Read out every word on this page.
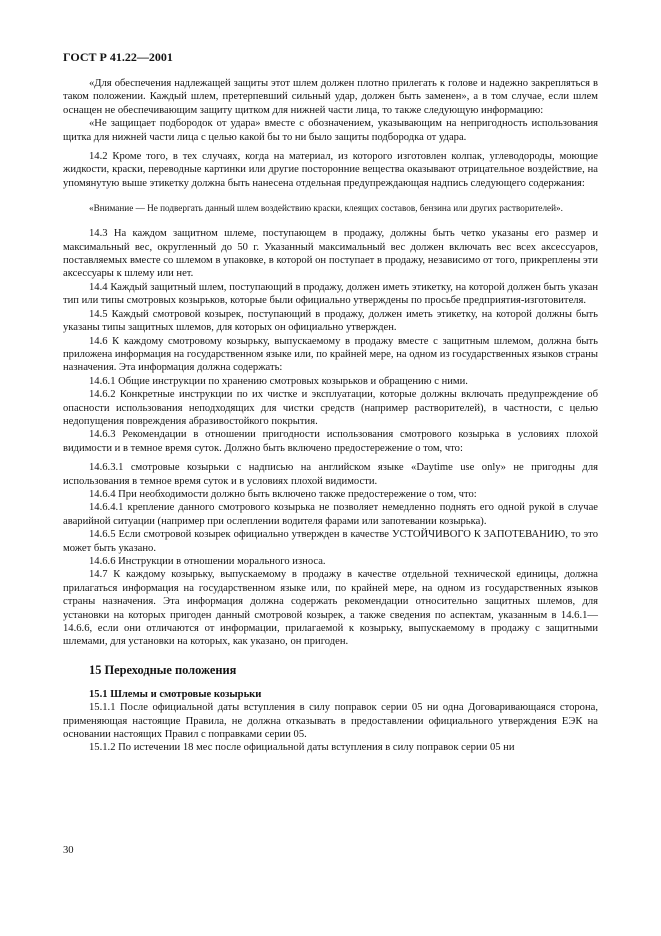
ГОСТ Р 41.22—2001

«Для обеспечения надлежащей защиты этот шлем должен плотно прилегать к голове и надежно закрепляться в таком положении. Каждый шлем, претерпевший сильный удар, должен быть заменен», а в том случае, если шлем оснащен не обеспечивающим защиту щитком для нижней части лица, то также следующую информацию:

«Не защищает подбородок от удара» вместе с обозначением, указывающим на непригодность использования щитка для нижней части лица с целью какой бы то ни было защиты подбородка от удара.

14.2 Кроме того, в тех случаях, когда на материал, из которого изготовлен колпак, углеводороды, моющие жидкости, краски, переводные картинки или другие посторонние вещества оказывают отрицательное воздействие, на упомянутую выше этикетку должна быть нанесена отдельная предупреждающая надпись следующего содержания:

«Внимание — Не подвергать данный шлем воздействию краски, клеящих составов, бензина или других растворителей».

14.3 На каждом защитном шлеме, поступающем в продажу, должны быть четко указаны его размер и максимальный вес, округленный до 50 г. Указанный максимальный вес должен включать вес всех аксессуаров, поставляемых вместе со шлемом в упаковке, в которой он поступает в продажу, независимо от того, прикреплены эти аксессуары к шлему или нет.

14.4 Каждый защитный шлем, поступающий в продажу, должен иметь этикетку, на которой должен быть указан тип или типы смотровых козырьков, которые были официально утверждены по просьбе предприятия-изготовителя.

14.5 Каждый смотровой козырек, поступающий в продажу, должен иметь этикетку, на которой должны быть указаны типы защитных шлемов, для которых он официально утвержден.

14.6 К каждому смотровому козырьку, выпускаемому в продажу вместе с защитным шлемом, должна быть приложена информация на государственном языке или, по крайней мере, на одном из государственных языков страны назначения. Эта информация должна содержать:

14.6.1 Общие инструкции по хранению смотровых козырьков и обращению с ними.

14.6.2 Конкретные инструкции по их чистке и эксплуатации, которые должны включать предупреждение об опасности использования неподходящих для чистки средств (например растворителей), в частности, с целью недопущения повреждения абразивостойкого покрытия.

14.6.3 Рекомендации в отношении пригодности использования смотрового козырька в условиях плохой видимости и в темное время суток. Должно быть включено предостережение о том, что:

14.6.3.1 смотровые козырьки с надписью на английском языке «Daytime use only» не пригодны для использования в темное время суток и в условиях плохой видимости.

14.6.4 При необходимости должно быть включено также предостережение о том, что:

14.6.4.1 крепление данного смотрового козырька не позволяет немедленно поднять его одной рукой в случае аварийной ситуации (например при ослеплении водителя фарами или запотевании козырька).

14.6.5 Если смотровой козырек официально утвержден в качестве УСТОЙЧИВОГО К ЗАПОТЕВАНИЮ, то это может быть указано.

14.6.6 Инструкции в отношении морального износа.

14.7 К каждому козырьку, выпускаемому в продажу в качестве отдельной технической единицы, должна прилагаться информация на государственном языке или, по крайней мере, на одном из государственных языков страны назначения. Эта информация должна содержать рекомендации относительно защитных шлемов, для установки на которых пригоден данный смотровой козырек, а также сведения по аспектам, указанным в 14.6.1—14.6.6, если они отличаются от информации, прилагаемой к козырьку, выпускаемому в продажу с защитными шлемами, для установки на которых, как указано, он пригоден.

15 Переходные положения
15.1 Шлемы и смотровые козырьки

15.1.1 После официальной даты вступления в силу поправок серии 05 ни одна Договаривающаяся сторона, применяющая настоящие Правила, не должна отказывать в предоставлении официального утверждения ЕЭК на основании настоящих Правил с поправками серии 05.

15.1.2 По истечении 18 мес после официальной даты вступления в силу поправок серии 05 ни

30
